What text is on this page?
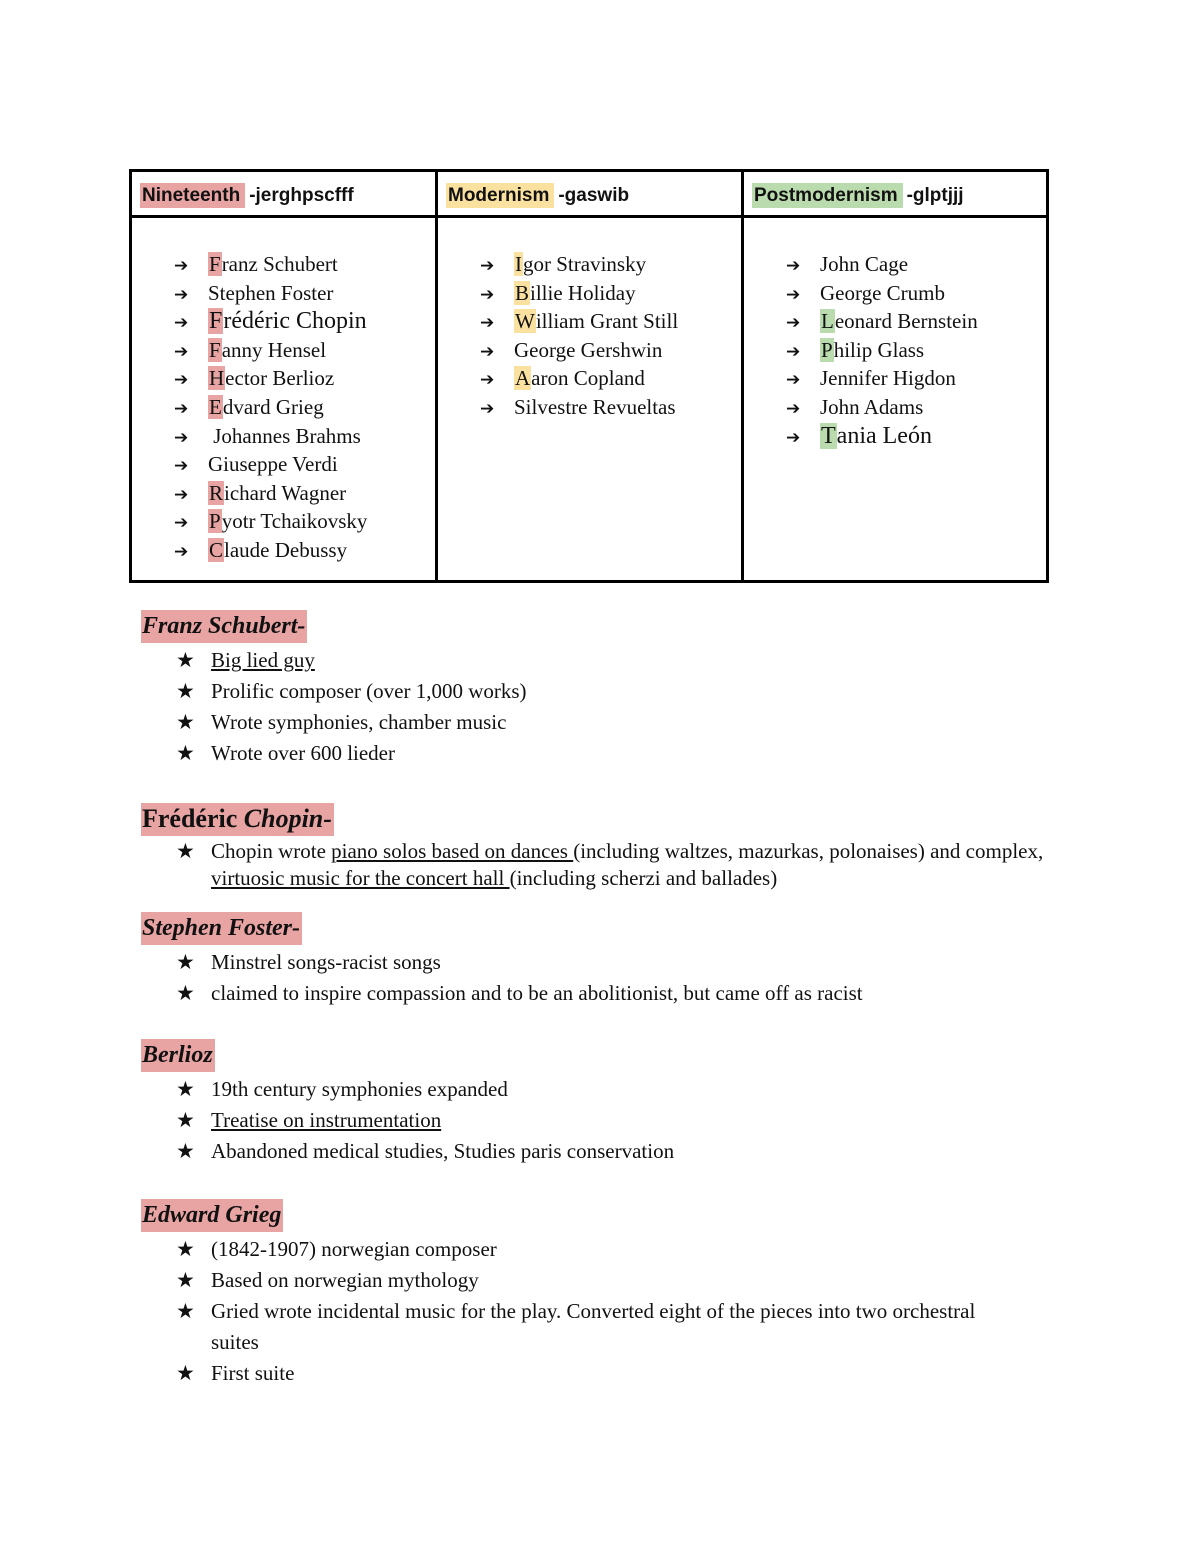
Nineteenth -jerghpscfff	Modernism -gaswib	Postmodernism -glptjjj
➔ Franz Schubert
➔ Stephen Foster
➔ Frédéric Chopin
➔ Fanny Hensel
➔ Hector Berlioz
➔ Edvard Grieg
➔ Johannes Brahms
➔ Giuseppe Verdi
➔ Richard Wagner
➔ Pyotr Tchaikovsky
➔ Claude Debussy
➔ Igor Stravinsky
➔ Billie Holiday
➔ William Grant Still
➔ George Gershwin
➔ Aaron Copland
➔ Silvestre Revueltas
➔ John Cage
➔ George Crumb
➔ Leonard Bernstein
➔ Philip Glass
➔ Jennifer Higdon
➔ John Adams
➔ Tania León
Franz Schubert-
★ Big lied guy
★ Prolific composer (over 1,000 works)
★ Wrote symphonies, chamber music
★ Wrote over 600 lieder
Frédéric Chopin-
★ Chopin wrote piano solos based on dances (including waltzes, mazurkas, polonaises) and complex, virtuosic music for the concert hall (including scherzi and ballades)
Stephen Foster-
★ Minstrel songs-racist songs
★ claimed to inspire compassion and to be an abolitionist, but came off as racist
Berlioz
★ 19th century symphonies expanded
★ Treatise on instrumentation
★ Abandoned medical studies, Studies paris conservation
Edward Grieg
★ (1842-1907) norwegian composer
★ Based on norwegian mythology
★ Gried wrote incidental music for the play. Converted eight of the pieces into two orchestral suites
★ First suite
